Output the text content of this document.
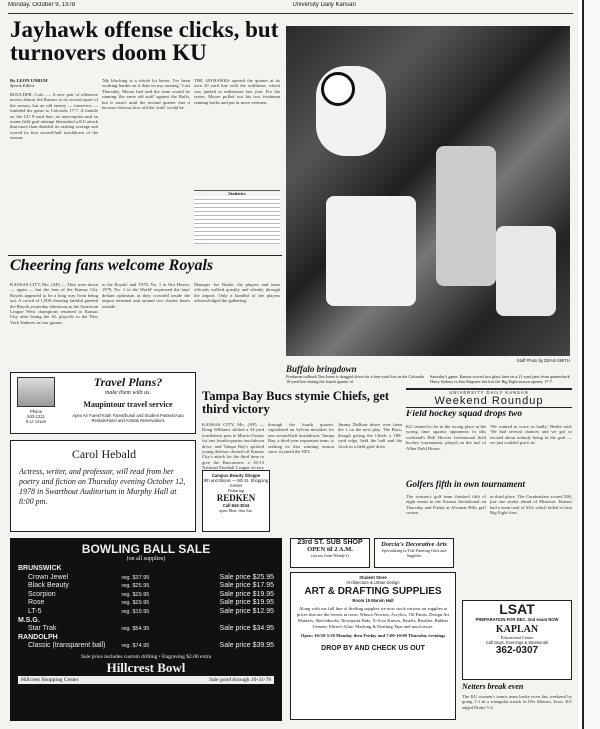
Monday, October 9, 1978	University Daily Kansan
Jayhawk offense clicks, but turnovers doom KU
By LEON UNRUH
Sports Editor
BOULDER, Colo. — A new pair of offensive moves almost led Kansas to its second upset of the season, but an old enemy — turnovers — fumbled the game to Colorado 17-7. A fumble on the CU 9-yard line, an interception and an errant field goal attempt blemished a KU attack that more than doubled its rushing average and scored its first second-half touchdown of the season.
'My blocking is a whole lot better. I've been working harder on it than on my running.' Last Thursday, Moore had said the team would be running 'the same old stuff' against the Buffs, but it wasn't until the second quarter that it became obvious how old the 'stuff' would be.
THE JAYHAWKS opened the quarter at its own 20 yard line with the wishbone, which was junked in midseason last year. For the series, Moore pulled out his two freshman running backs and put in more veterans.
Statistics
Staff Photo by DEAN SMITH
Buffalo bringdown
Freshman tailback Tim Jones is dragged down for a four-yard loss in the Colorado 16-yard line during the fourth quarter of
Saturday's game. Kansas scored two plays later on a 21-yard pass from quarterback Harry Sydney to Jim Wagoner but lost the Big Eight season opener, 17-7.
Cheering fans welcome Royals
KANSAS CITY, Mo. (AP) — They were down — again — but the fans of the Kansas City Royals appeared to be a long way from being out. A crowd of 1,000 cheering faithful greeted the Royals yesterday afternoon as the American League West champions returned to Kansas City after losing the AL playoffs to the New York Yankees in four games.
to the Royals' and '1978, No. 1 in Our Hearts; 1979, No. 1 in the World' expressed the fans' defiant optimism as they crowded inside the airport terminal and around two charter buses outside.
Manager Joe Burke, the players and team officials walked quickly and silently through the airport. Only a handful of the players acknowledged the gathering.
Phone
843-1211
K.U. Union
Travel Plans?
make them with us.
Maupintour travel service
Apex Air Fares/Youth Fares/Eurail and Student Passes/Auto Rentals/Hotel and Amtrak Reservations
Carol Hebald
Actress, writer, and professor, will read from her poetry and fiction on Thursday evening October 12, 1978 in Swarthout Auditorium in Murphy Hall at 8:00 pm.
BOWLING BALL SALE
(on all supplies)
BRUNSWICK
Crown Jewel	reg. $37.95	Sale price $25.95
Black Beauty	reg. $25.95	Sale price $17.95
Scorpion	reg. $29.95	Sale price $19.95
Rose	reg. $29.95	Sale price $19.95
LT-5	reg. $19.95	Sale price $12.95
M.S.G.
Star Trak	reg. $54.95	Sale price $34.95
RANDOLPH
Classic (transparent ball)	reg. $74.95	Sale price $39.95
Sale price includes custom drilling • Engraving $2.00 extra
Hillcrest Bowl
Hillcrest Shopping Center	Sale good through 10-31-78
Tampa Bay Bucs stymie Chiefs, get third victory
KANSAS CITY, Mo. (AP) — Doug Williams shifted a 54-yard touchdown pass to Morris Owens for one fourth-quarter touchdown drive, and Tampa Bay's spirited young defense choked off Kansas City's attack for the third time to give the Buccaneers a 30-13 National Football League victory
through the fourth quarter, capitalized on Sylvan mistakes for one second-half touchdown. Tampa Bay, a third-year expansion team, is seeking its first winning season since it joined the NFL.
Jimmy DuBose drove over from the 1 on the next play. The Bucs, though giving the Chiefs a 188-yard edge, held the ball and the clock in a field goal drive.
Campus Beauty Shoppe
9th and Illinois — 9th St. Shopping Center
Featuring
REDKEN
Call 843-3034
open Mon. thru Sat.
UNIVERSITY DAILY KANSAN
Weekend Roundup
Field hockey squad drops two
KU seemed to be in the wrong place at the wrong time against opponents in this weekend's Hall Hoover Invitational field hockey tournament, played on the turf of Allen Field House.
'We wanted to score so badly,' Beebe said. 'We had several chances and we got so excited about nobody being in the goal — we just couldn't put it in.'
Golfers fifth in own tournament
The women's golf team finished fifth of eight teams in the Kansas Invitational on Thursday and Friday at Alvamar Hills golf course.
in third place. The Cornhuskers scored 590, just one stroke ahead of Missouri. Kansas had a team total of 634, which failed to beat Big Eight foes.
23rd ST. SUB SHOP
OPEN til 2 A.M.
(across from Wendy's)
Dorcia's Decorative Arts
Specializing in Tole Painting Gifts and Supplies
Student Store
Architecture & Urban Design
ART & DRAFTING SUPPLIES
Room 15 Marvin Hall
Along with our full line of drafting supplies we now stock various art supplies at prices that are the lowest in town. Winsor Newton, Acrylics, Oil Paints, Design Art Markers, Sketchbooks, Newsprint Pads, X-Acto Knives, Pastels, Brushes, Rubber Cement, Elmer's Glue, Masking & Drafting Tape and much more.
Open: 10:30-3:30 Monday thru Friday and 7:00-10:00 Thursday evenings
DROP BY AND CHECK US OUT
LSAT
PREPARATION FOR DEC. 2nd exam NOW
KAPLAN
Educational Center
Call Days, Evenings & Weekends
362-0307
Netters break even
The KU women's tennis team broke even this weekend by going 1-1 in a triangular match in Des Moines, Iowa. KU edged Drake 5-4.
